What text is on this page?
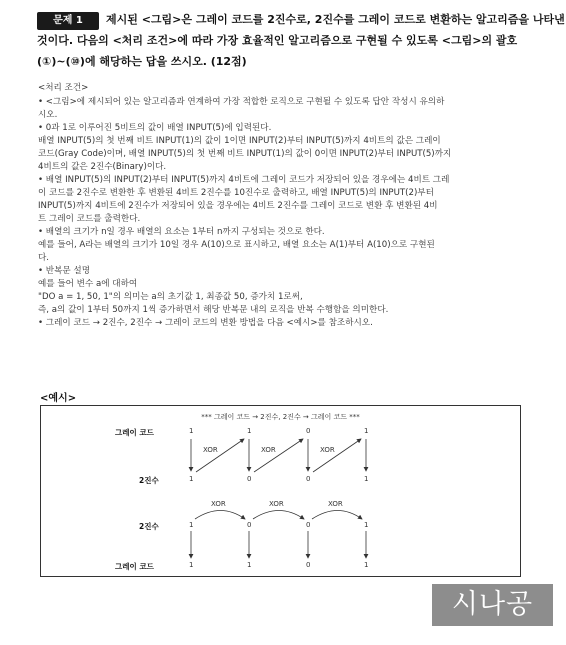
문제 1	제시된 <그림>은 그레이 코드를 2진수로, 2진수를 그레이 코드로 변환하는 알고리즘을 나타낸
것이다. 다음의 <처리 조건>에 따라 가장 효율적인 알고리즘으로 구현될 수 있도록 <그림>의 괄호
(①)~(⑩)에 해당하는 답을 쓰시오. (12점)
<처리 조건>
• <그림>에 제시되어 있는 알고리즘과 연계하여 가장 적합한 로직으로 구현될 수 있도록 답안 작성시 유의하
시오.
• 0과 1로 이루어진 5비트의 값이 배열 INPUT(5)에 입력된다.
배열 INPUT(5)의 첫 번째 비트 INPUT(1)의 값이 1이면 INPUT(2)부터 INPUT(5)까지 4비트의 값은 그레이
코드(Gray Code)이며, 배열 INPUT(5)의 첫 번째 비트 INPUT(1)의 값이 0이면 INPUT(2)부터 INPUT(5)까지
4비트의 값은 2진수(Binary)이다.
• 배열 INPUT(5)의 INPUT(2)부터 INPUT(5)까지 4비트에 그레이 코드가 저장되어 있을 경우에는 4비트 그레
이 코드를 2진수로 변환한 후 변환된 4비트 2진수를 10진수로 출력하고, 배열 INPUT(5)의 INPUT(2)부터
INPUT(5)까지 4비트에 2진수가 저장되어 있을 경우에는 4비트 2진수를 그레이 코드로 변환 후 변환된 4비
트 그레이 코드를 출력한다.
• 배열의 크기가 n일 경우 배열의 요소는 1부터 n까지 구성되는 것으로 한다.
예를 들어, A라는 배열의 크기가 10일 경우 A(10)으로 표시하고, 배열 요소는 A(1)부터 A(10)으로 구현된
다.
• 반복문 설명
예를 들어 변수 a에 대하여
"DO a = 1, 50, 1"의 의미는 a의 초기값 1, 최종값 50, 증가치 1로써,
즉, a의 값이 1부터 50까지 1씩 증가하면서 해당 반복문 내의 로직을 반복 수행함을 의미한다.
• 그레이 코드 → 2진수, 2진수 → 그레이 코드의 변환 방법을 다음 <예시>를 참조하시오.
<예시>
*** 그레이 코드 → 2진수, 2진수 → 그레이 코드 ***
그레이 코드
2진수
2진수
그레이 코드
1	1	0	1
1	0	0	1
1	0	0	1
1	1	0	1
XOR	XOR	XOR
XOR	XOR	XOR
시나공
